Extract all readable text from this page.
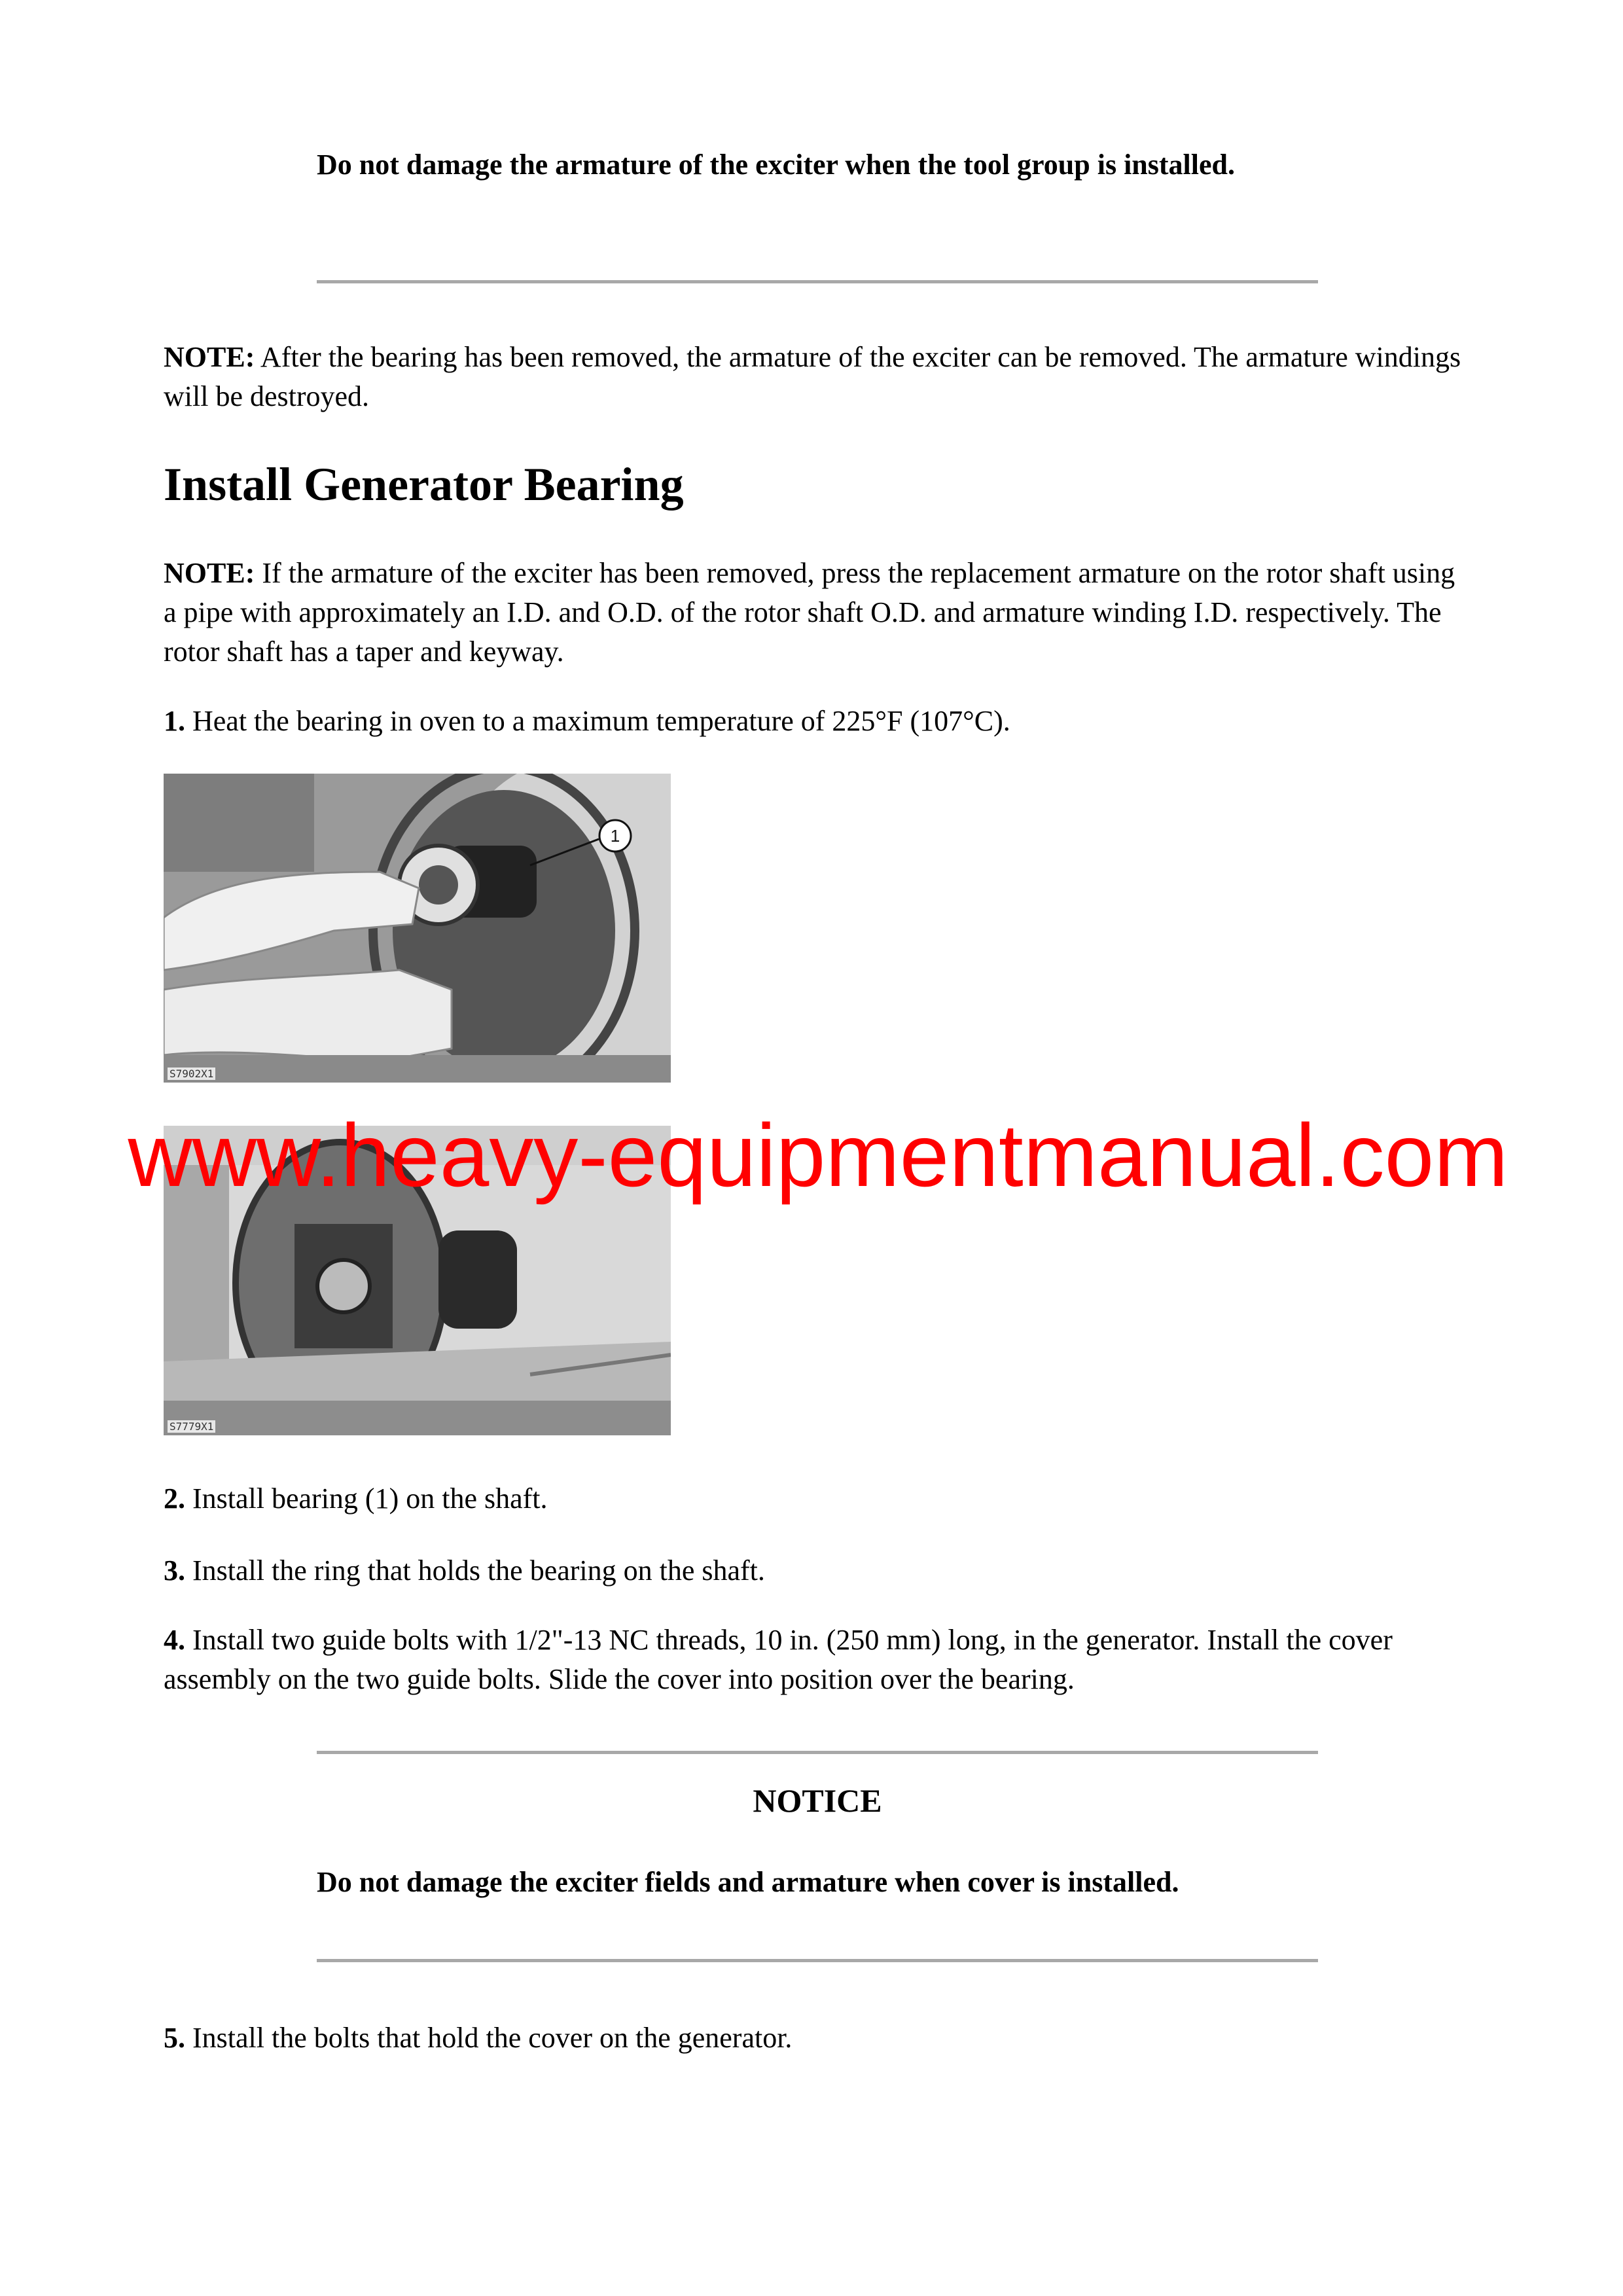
Do not damage the armature of the exciter when the tool group is installed.
NOTE: After the bearing has been removed, the armature of the exciter can be removed. The armature windings will be destroyed.
Install Generator Bearing
NOTE: If the armature of the exciter has been removed, press the replacement armature on the rotor shaft using a pipe with approximately an I.D. and O.D. of the rotor shaft O.D. and armature winding I.D. respectively. The rotor shaft has a taper and keyway.
1. Heat the bearing in oven to a maximum temperature of 225°F (107°C).
1
S7902X1
S7779X1
www.heavy-equipmentmanual.com
2. Install bearing (1) on the shaft.
3. Install the ring that holds the bearing on the shaft.
4. Install two guide bolts with 1/2"-13 NC threads, 10 in. (250 mm) long, in the generator. Install the cover assembly on the two guide bolts. Slide the cover into position over the bearing.
NOTICE
Do not damage the exciter fields and armature when cover is installed.
5. Install the bolts that hold the cover on the generator.
